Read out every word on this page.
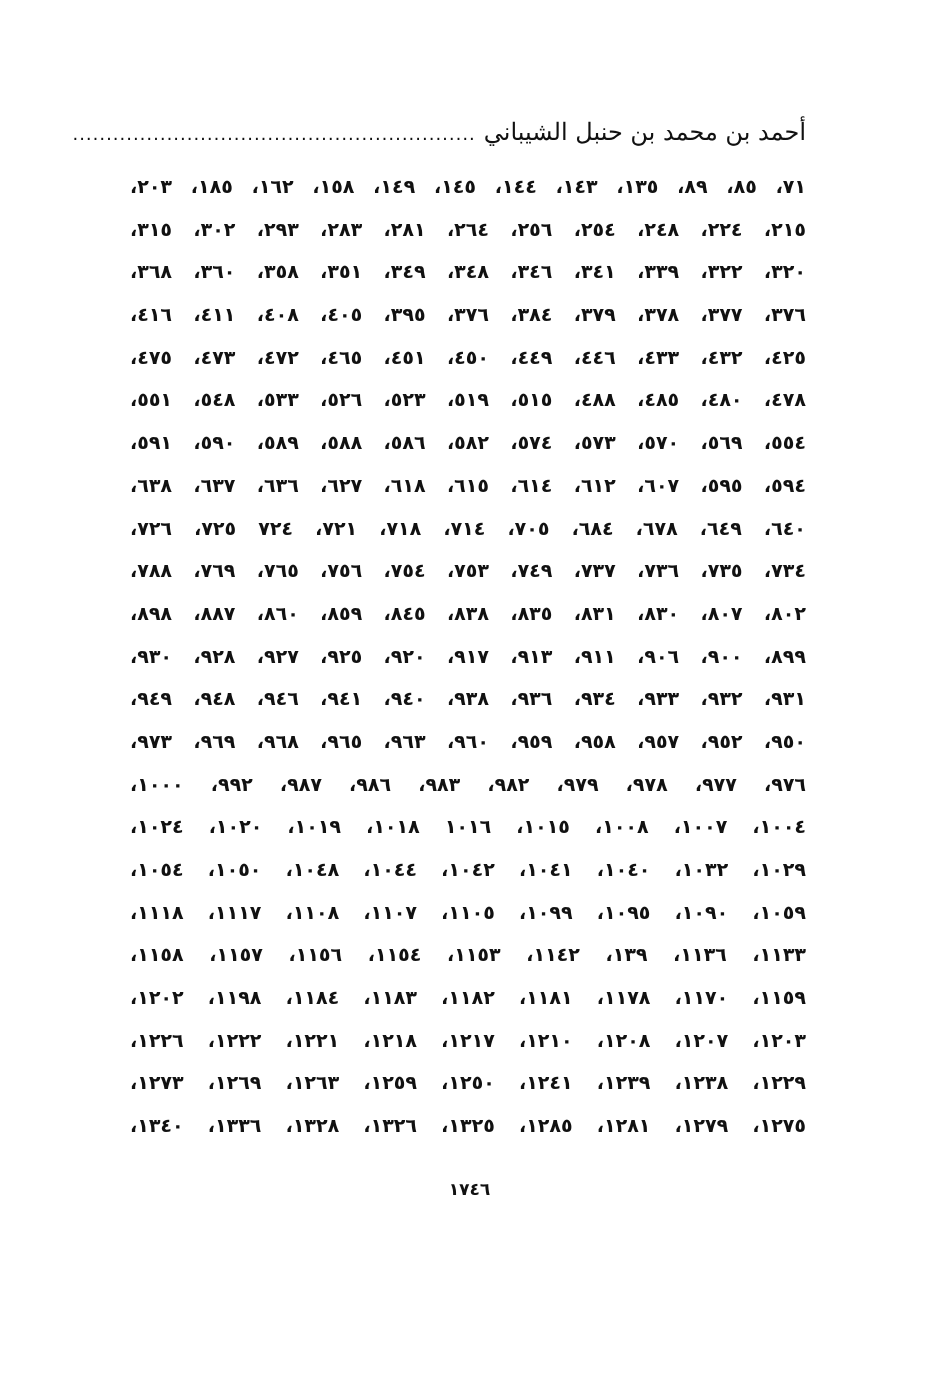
أحمد بن محمد بن حنبل الشيباني
............................................................
٧١، ٨٥، ٨٩، ١٣٥، ١٤٣، ١٤٤، ١٤٥، ١٤٩، ١٥٨، ١٦٢، ١٨٥، ٢٠٣،
٢١٥، ٢٢٤، ٢٤٨، ٢٥٤، ٢٥٦، ٢٦٤، ٢٨١، ٢٨٣، ٢٩٣، ٣٠٢، ٣١٥،
٣٢٠، ٣٢٢، ٣٣٩، ٣٤١، ٣٤٦، ٣٤٨، ٣٤٩، ٣٥١، ٣٥٨، ٣٦٠، ٣٦٨،
٣٧٦، ٣٧٧، ٣٧٨، ٣٧٩، ٣٨٤، ٣٧٦، ٣٩٥، ٤٠٥، ٤٠٨، ٤١١، ٤١٦،
٤٢٥، ٤٣٢، ٤٣٣، ٤٤٦، ٤٤٩، ٤٥٠، ٤٥١، ٤٦٥، ٤٧٢، ٤٧٣، ٤٧٥،
٤٧٨، ٤٨٠، ٤٨٥، ٤٨٨، ٥١٥، ٥١٩، ٥٢٣، ٥٢٦، ٥٣٣، ٥٤٨، ٥٥١،
٥٥٤، ٥٦٩، ٥٧٠، ٥٧٣، ٥٧٤، ٥٨٢، ٥٨٦، ٥٨٨، ٥٨٩، ٥٩٠، ٥٩١،
٥٩٤، ٥٩٥، ٦٠٧، ٦١٢، ٦١٤، ٦١٥، ٦١٨، ٦٢٧، ٦٣٦، ٦٣٧، ٦٣٨،
٦٤٠، ٦٤٩، ٦٧٨، ٦٨٤، ٧٠٥، ٧١٤، ٧١٨، ٧٢١، ٧٢٤ ٧٢٥، ٧٢٦،
٧٣٤، ٧٣٥، ٧٣٦، ٧٣٧، ٧٤٩، ٧٥٣، ٧٥٤، ٧٥٦، ٧٦٥، ٧٦٩، ٧٨٨،
٨٠٢، ٨٠٧، ٨٣٠، ٨٣١، ٨٣٥، ٨٣٨، ٨٤٥، ٨٥٩، ٨٦٠، ٨٨٧، ٨٩٨،
٨٩٩، ٩٠٠، ٩٠٦، ٩١١، ٩١٣، ٩١٧، ٩٢٠، ٩٢٥، ٩٢٧، ٩٢٨، ٩٣٠،
٩٣١، ٩٣٢، ٩٣٣، ٩٣٤، ٩٣٦، ٩٣٨، ٩٤٠، ٩٤١، ٩٤٦، ٩٤٨، ٩٤٩،
٩٥٠، ٩٥٢، ٩٥٧، ٩٥٨، ٩٥٩، ٩٦٠، ٩٦٣، ٩٦٥، ٩٦٨، ٩٦٩، ٩٧٣،
٩٧٦، ٩٧٧، ٩٧٨، ٩٧٩، ٩٨٢، ٩٨٣، ٩٨٦، ٩٨٧، ٩٩٢، ١٠٠٠،
١٠٠٤، ١٠٠٧، ١٠٠٨، ١٠١٥، ١٠١٦ ١٠١٨، ١٠١٩، ١٠٢٠، ١٠٢٤،
١٠٢٩، ١٠٣٢، ١٠٤٠، ١٠٤١، ١٠٤٢، ١٠٤٤، ١٠٤٨، ١٠٥٠، ١٠٥٤،
١٠٥٩، ١٠٩٠، ١٠٩٥، ١٠٩٩، ١١٠٥، ١١٠٧، ١١٠٨، ١١١٧، ١١١٨،
١١٣٣، ١١٣٦، ١٣٩، ١١٤٢، ١١٥٣، ١١٥٤، ١١٥٦، ١١٥٧، ١١٥٨،
١١٥٩، ١١٧٠، ١١٧٨، ١١٨١، ١١٨٢، ١١٨٣، ١١٨٤، ١١٩٨، ١٢٠٢،
١٢٠٣، ١٢٠٧، ١٢٠٨، ١٢١٠، ١٢١٧، ١٢١٨، ١٢٢١، ١٢٢٢، ١٢٢٦،
١٢٢٩، ١٢٣٨، ١٢٣٩، ١٢٤١، ١٢٥٠، ١٢٥٩، ١٢٦٣، ١٢٦٩، ١٢٧٣،
١٢٧٥، ١٢٧٩، ١٢٨١، ١٢٨٥، ١٣٢٥، ١٣٢٦، ١٣٢٨، ١٣٣٦، ١٣٤٠،
١٧٤٦
